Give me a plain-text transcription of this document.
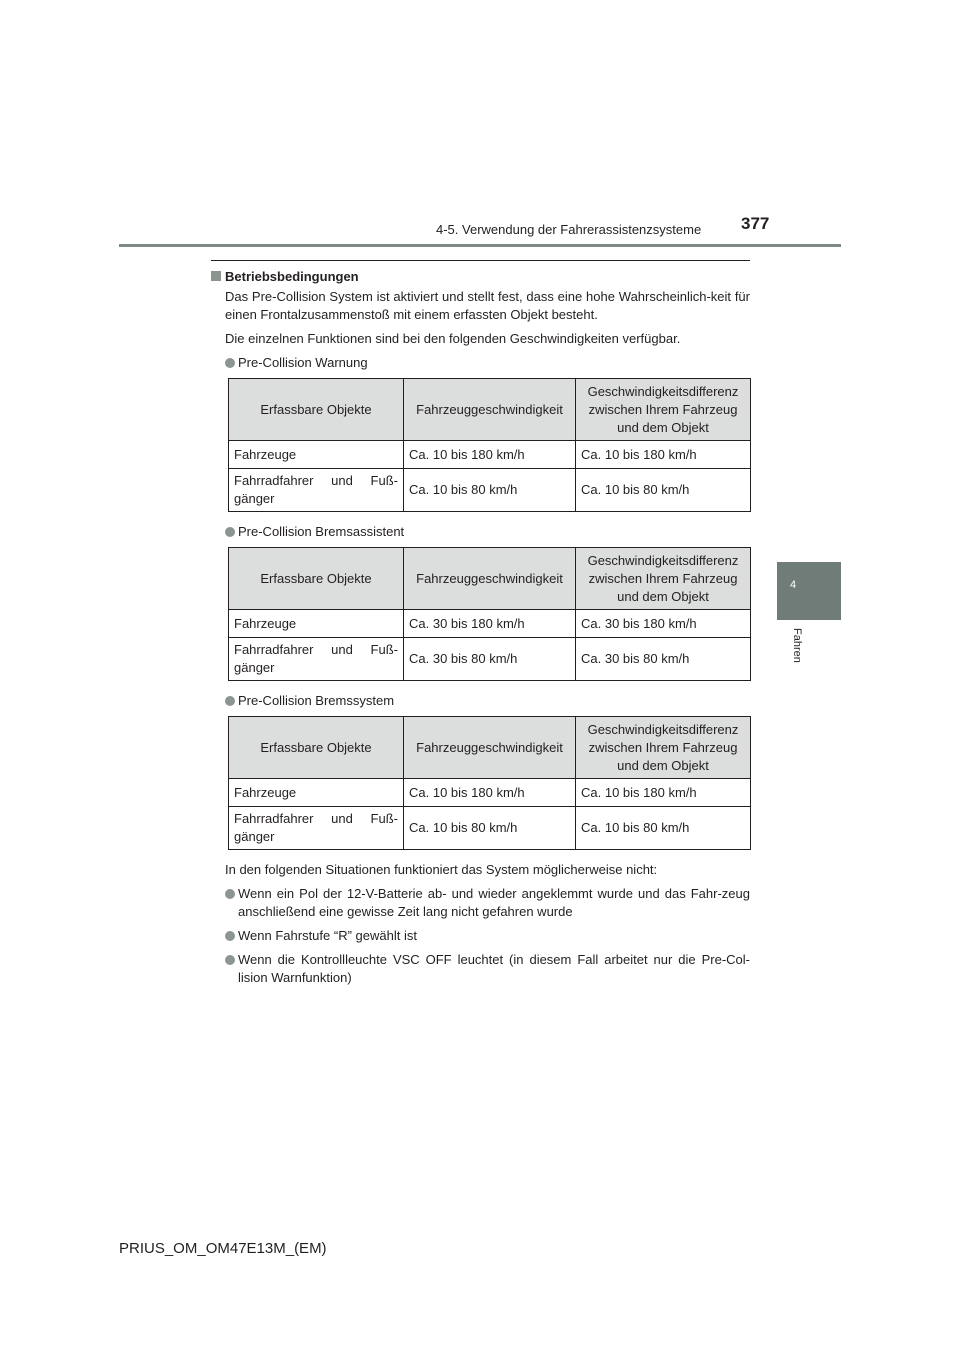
4-5. Verwendung der Fahrerassistenzsysteme 377
4
Fahren
Betriebsbedingungen

Das Pre-Collision System ist aktiviert und stellt fest, dass eine hohe Wahrscheinlich-keit für einen Frontalzusammenstoß mit einem erfassten Objekt besteht.

Die einzelnen Funktionen sind bei den folgenden Geschwindigkeiten verfügbar.

Pre-Collision Warnung
Erfassbare Objekte	Fahrzeuggeschwindigkeit	Geschwindigkeitsdifferenz zwischen Ihrem Fahrzeug und dem Objekt
Fahrzeuge	Ca. 10 bis 180 km/h	Ca. 10 bis 180 km/h
Fahrradfahrer und Fuß-gänger	Ca. 10 bis 80 km/h	Ca. 10 bis 80 km/h
Pre-Collision Bremsassistent
Erfassbare Objekte	Fahrzeuggeschwindigkeit	Geschwindigkeitsdifferenz zwischen Ihrem Fahrzeug und dem Objekt
Fahrzeuge	Ca. 30 bis 180 km/h	Ca. 30 bis 180 km/h
Fahrradfahrer und Fuß-gänger	Ca. 30 bis 80 km/h	Ca. 30 bis 80 km/h
Pre-Collision Bremssystem
Erfassbare Objekte	Fahrzeuggeschwindigkeit	Geschwindigkeitsdifferenz zwischen Ihrem Fahrzeug und dem Objekt
Fahrzeuge	Ca. 10 bis 180 km/h	Ca. 10 bis 180 km/h
Fahrradfahrer und Fuß-gänger	Ca. 10 bis 80 km/h	Ca. 10 bis 80 km/h

In den folgenden Situationen funktioniert das System möglicherweise nicht:

Wenn ein Pol der 12-V-Batterie ab- und wieder angeklemmt wurde und das Fahr-zeug anschließend eine gewisse Zeit lang nicht gefahren wurde
Wenn Fahrstufe “R” gewählt ist
Wenn die Kontrollleuchte VSC OFF leuchtet (in diesem Fall arbeitet nur die Pre-Col-lision Warnfunktion)
PRIUS_OM_OM47E13M_(EM)
